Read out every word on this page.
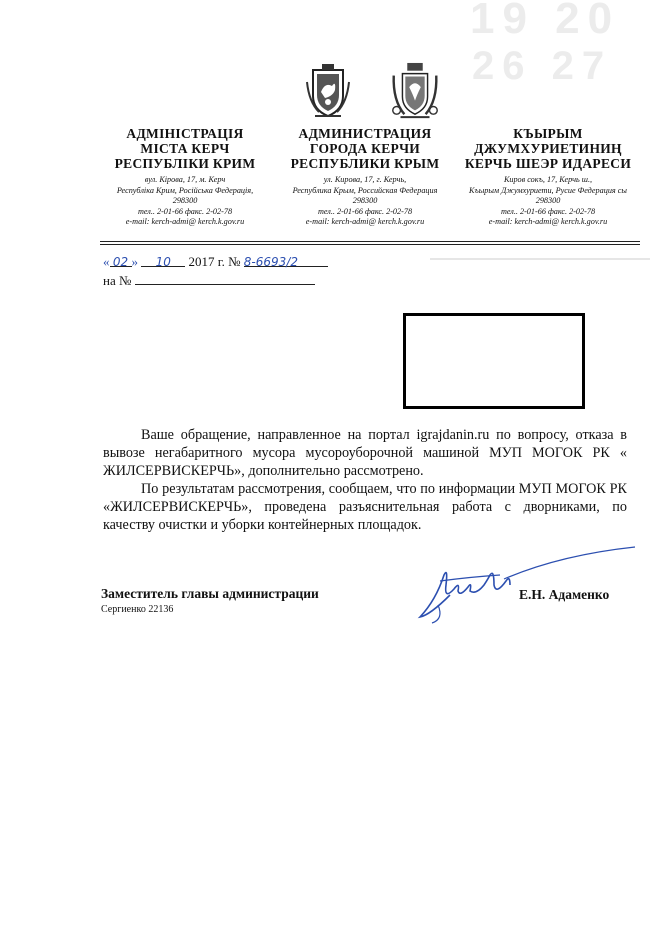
19 20
26 27
АДМІНІСТРАЦІЯ
МІСТА КЕРЧ
РЕСПУБЛІКИ КРИМ
вул. Кірова, 17, м. Керч
Республіка Крим, Російська Федерація,
298300
тел.. 2-01-66 факс. 2-02-78
e-mail: kerch-admi@ kerch.k.gov.ru
АДМИНИСТРАЦИЯ
ГОРОДА КЕРЧИ
РЕСПУБЛИКИ КРЫМ
ул. Кирова, 17, г. Керчь,
Республика Крым, Российская Федерация
298300
тел.. 2-01-66 факс. 2-02-78
e-mail: kerch-admi@ kerch.k.gov.ru
КЪЫРЫМ
ДЖУМХУРИЕТИНИҢ
КЕРЧЬ ШЕЭР ИДАРЕСИ
Киров сокъ, 17, Керчь ш.,
Къырым Джумхуриети, Русие Федерация сы
298300
тел.. 2-01-66 факс. 2-02-78
e-mail: kerch-admi@ kerch.k.gov.ru
« 02 » 10 2017 г. № 8-6693/2
на №

Ваше обращение, направленное на портал igrajdanin.ru по вопросу, отказа в вывозе негабаритного мусора мусороуборочной машиной МУП МОГОК РК « ЖИЛСЕРВИСКЕРЧЬ», дополнительно рассмотрено.

По результатам рассмотрения, сообщаем, что по информации МУП МОГОК РК «ЖИЛСЕРВИСКЕРЧЬ», проведена разъяснительная работа с дворниками, по качеству очистки и уборки контейнерных площадок.

Заместитель главы администрации
Сергиенко 22136
Е.Н. Адаменко
